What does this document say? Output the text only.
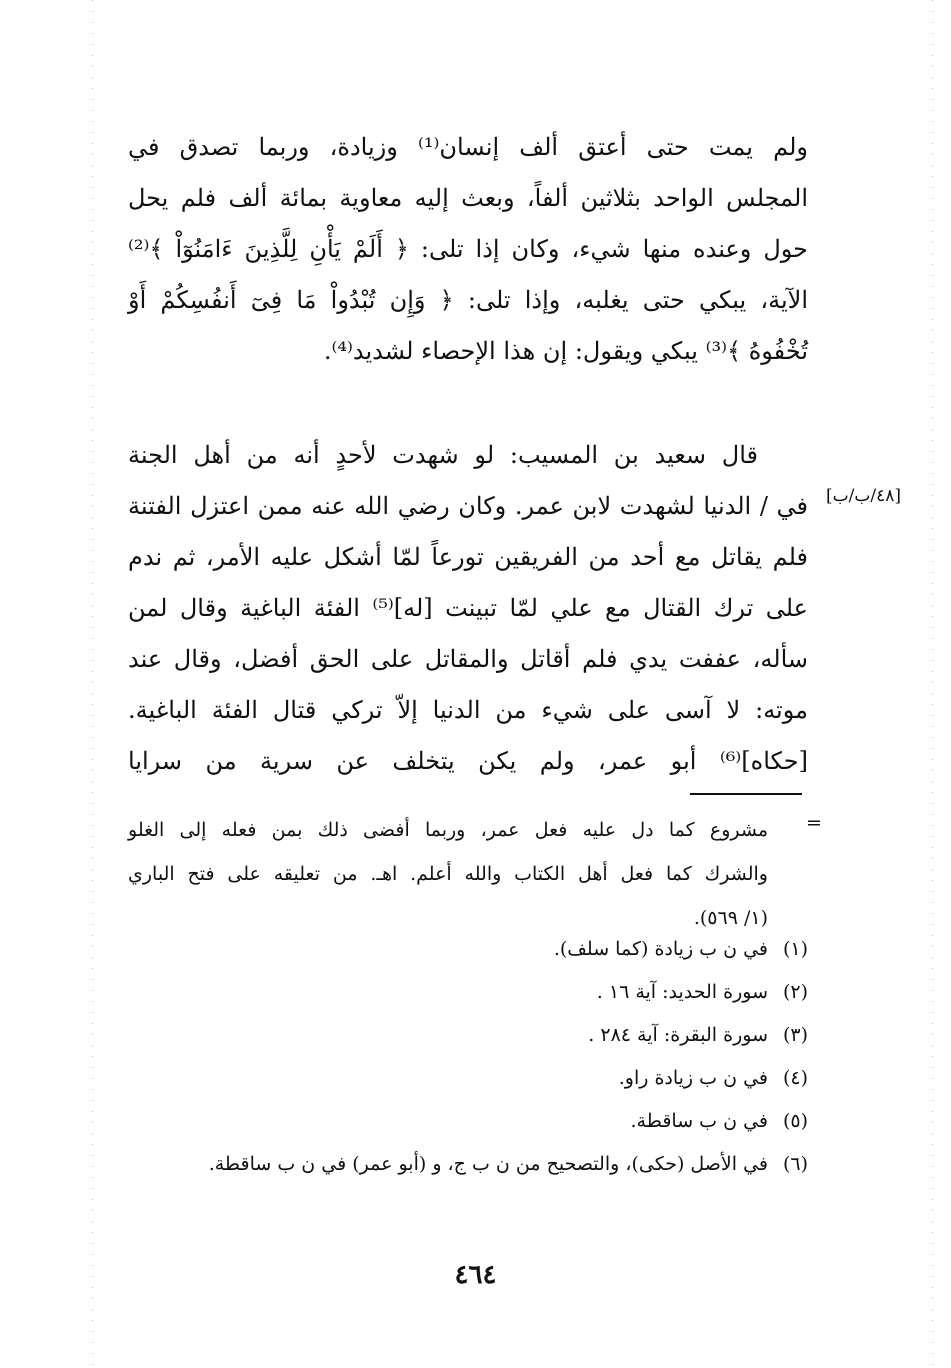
ولم يمت حتى أعتق ألف إنسان⁽¹⁾ وزيادة، وربما تصدق في
المجلس الواحد بثلاثين ألفاً، وبعث إليه معاوية بمائة ألف فلم يحل
حول وعنده منها شيء، وكان إذا تلى: ﴿ أَلَمْ يَأْنِ لِلَّذِينَ ءَامَنُوٓاْ ﴾⁽²⁾
الآية، يبكي حتى يغلبه، وإذا تلى: ﴿ وَإِن تُبْدُواْ مَا فِىٓ أَنفُسِكُمْ أَوْ
تُخْفُوهُ ﴾⁽³⁾ يبكي ويقول: إن هذا الإحصاء لشديد⁽⁴⁾.
قال سعيد بن المسيب: لو شهدت لأحدٍ أنه من أهل الجنة
في / الدنيا لشهدت لابن عمر. وكان رضي الله عنه ممن اعتزل الفتنة
فلم يقاتل مع أحد من الفريقين تورعاً لمّا أشكل عليه الأمر، ثم ندم
على ترك القتال مع علي لمّا تبينت [له]⁽⁵⁾ الفئة الباغية وقال لمن
سأله، عففت يدي فلم أقاتل والمقاتل على الحق أفضل، وقال عند
موته: لا آسى على شيء من الدنيا إلاّ تركي قتال الفئة الباغية.
[حكاه]⁽⁶⁾ أبو عمر، ولم يكن يتخلف عن سرية من سرايا
[٤٨/ب/ب]
=
مشروع كما دل عليه فعل عمر، وربما أفضى ذلك بمن فعله إلى الغلو
والشرك كما فعل أهل الكتاب والله أعلم. اهـ. من تعليقه على فتح الباري
(١/ ٥٦٩).
(١)
في ن ب زيادة (كما سلف).
(٢)
سورة الحديد: آية ١٦ .
(٣)
سورة البقرة: آية ٢٨٤ .
(٤)
في ن ب زيادة راو.
(٥)
في ن ب ساقطة.
(٦)
في الأصل (حكى)، والتصحيح من ن ب ج، و (أبو عمر) في ن ب ساقطة.
٤٦٤
